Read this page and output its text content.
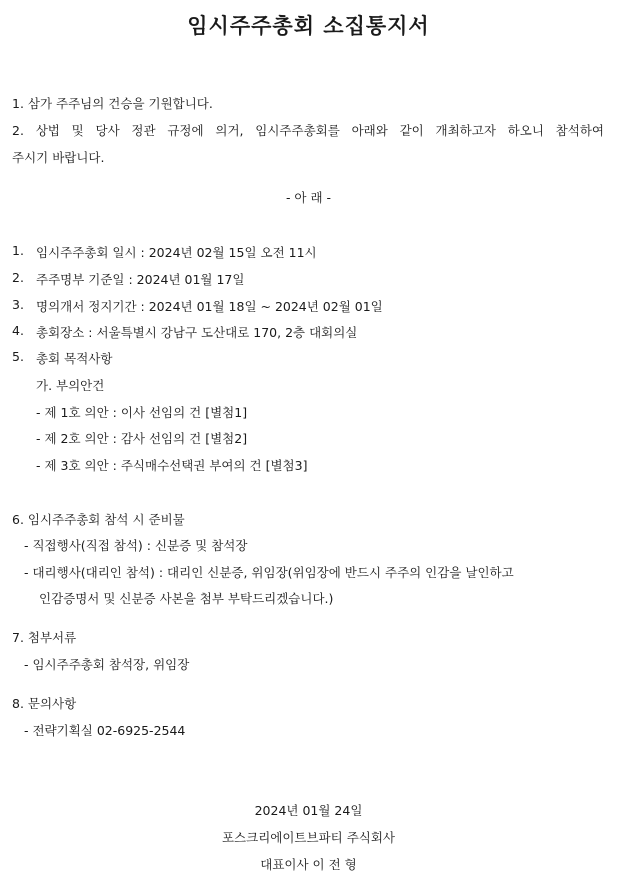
임시주주총회 소집통지서
1. 삼가 주주님의 건승을 기원합니다.
2. 상법 및 당사 정관 규정에 의거, 임시주주총회를 아래와 같이 개최하고자 하오니 참석하여
주시기 바랍니다.
- 아 래 -
1. 임시주주총회 일시 : 2024년 02월 15일 오전 11시
2. 주주명부 기준일 : 2024년 01월 17일
3. 명의개서 정지기간 : 2024년 01월 18일 ~ 2024년 02월 01일
4. 총회장소 : 서울특별시 강남구 도산대로 170, 2층 대회의실
5. 총회 목적사항
가. 부의안건
- 제 1호 의안 : 이사 선임의 건 [별첨1]
- 제 2호 의안 : 감사 선임의 건 [별첨2]
- 제 3호 의안 : 주식매수선택권 부여의 건 [별첨3]
6. 임시주주총회 참석 시 준비물
- 직접행사(직접 참석) : 신분증 및 참석장
- 대리행사(대리인 참석) : 대리인 신분증, 위임장(위임장에 반드시 주주의 인감을 날인하고
인감증명서 및 신분증 사본을 첨부 부탁드리겠습니다.)
7. 첨부서류
- 임시주주총회 참석장, 위임장
8. 문의사항
- 전략기획실 02-6925-2544
2024년 01월 24일
포스크리에이트브파티 주식회사
대표이사 이 전 형
